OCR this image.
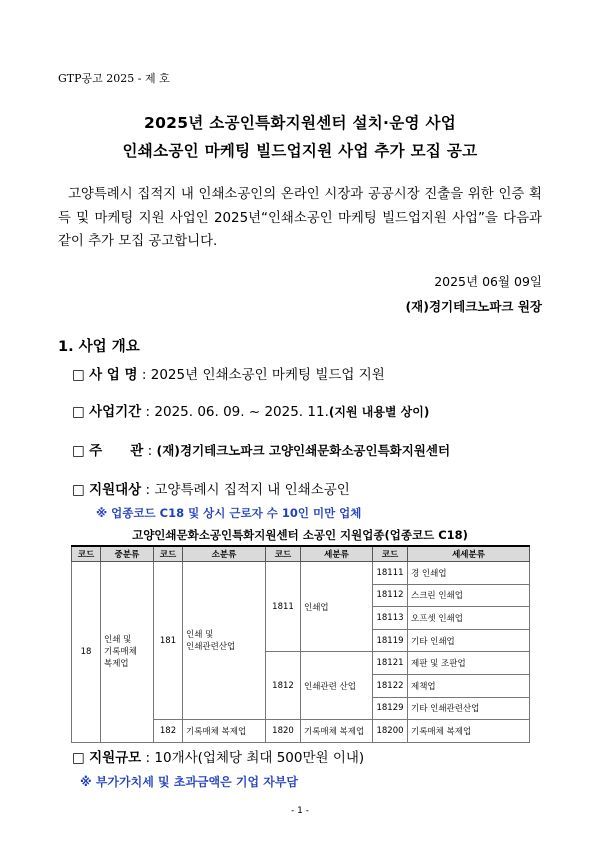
GTP공고 2025 - 제 호
2025년 소공인특화지원센터 설치·운영 사업
인쇄소공인 마케팅 빌드업지원 사업 추가 모집 공고
고양특례시 집적지 내 인쇄소공인의 온라인 시장과 공공시장 진출을 위한 인증 획득 및 마케팅 지원 사업인 2025년“인쇄소공인 마케팅 빌드업지원 사업”을 다음과 같이 추가 모집 공고합니다.
2025년 06월 09일
(재)경기테크노파크 원장
1. 사업 개요
□ 사 업 명 : 2025년 인쇄소공인 마케팅 빌드업 지원
□ 사업기간 : 2025. 06. 09. ~ 2025. 11.(지원 내용별 상이)
□ 주      관 : (재)경기테크노파크 고양인쇄문화소공인특화지원센터
□ 지원대상 : 고양특례시 집적지 내 인쇄소공인
※ 업종코드 C18 및 상시 근로자 수 10인 미만 업체
고양인쇄문화소공인특화지원센터 소공인 지원업종(업종코드 C18)
코드	중분류	코드	소분류	코드	세분류	코드	세세분류
18	인쇄 및
기록매체
복제업	181	인쇄 및
인쇄관련산업	1811	인쇄업	18111	경 인쇄업
						18112	스크린 인쇄업
						18113	오프셋 인쇄업
						18119	기타 인쇄업
				1812	인쇄관련 산업	18121	제판 및 조판업
						18122	제책업
						18129	기타 인쇄관련산업
		182	기록매체 복제업	1820	기록매체 복제업	18200	기록매체 복제업
□ 지원규모 : 10개사(업체당 최대 500만원 이내)
※ 부가가치세 및 초과금액은 기업 자부담
- 1 -
